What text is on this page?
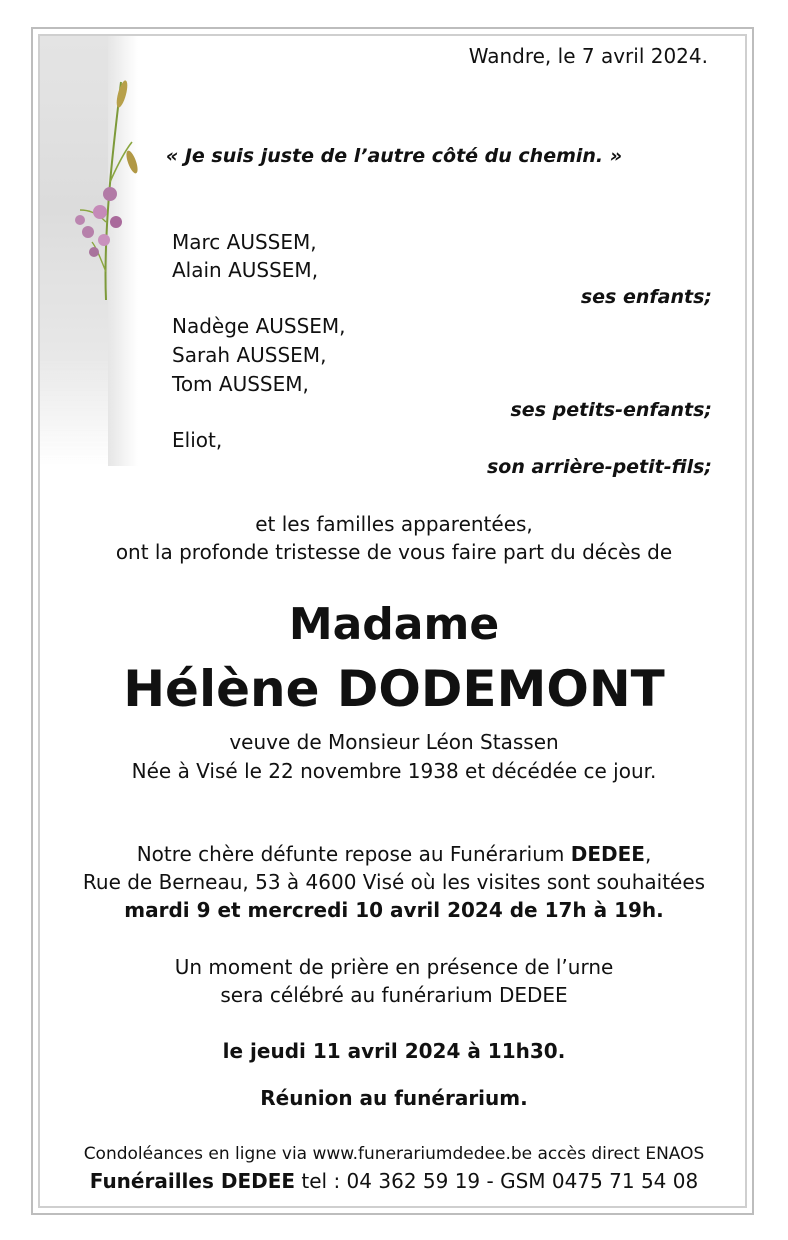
Wandre, le 7 avril 2024.
« Je suis juste de l’autre côté du chemin. »
Marc AUSSEM,
Alain AUSSEM,
ses enfants;
Nadège AUSSEM,
Sarah AUSSEM,
Tom AUSSEM,
ses petits-enfants;
Eliot,
son arrière-petit-fils;
et les familles apparentées,
ont la profonde tristesse de vous faire part du décès de
Madame
Hélène DODEMONT
veuve de Monsieur Léon Stassen
Née à Visé le 22 novembre 1938 et décédée ce jour.
Notre chère défunte repose au Funérarium DEDEE,
Rue de Berneau, 53 à 4600 Visé où les visites sont souhaitées
mardi 9 et mercredi 10 avril 2024 de 17h à 19h.
Un moment de prière en présence de l’urne
sera célébré au funérarium DEDEE
le jeudi 11 avril 2024 à 11h30.
Réunion au funérarium.
Condoléances en ligne via www.funerariumdedee.be accès direct ENAOS
Funérailles DEDEE tel : 04 362 59 19 - GSM 0475 71 54 08
